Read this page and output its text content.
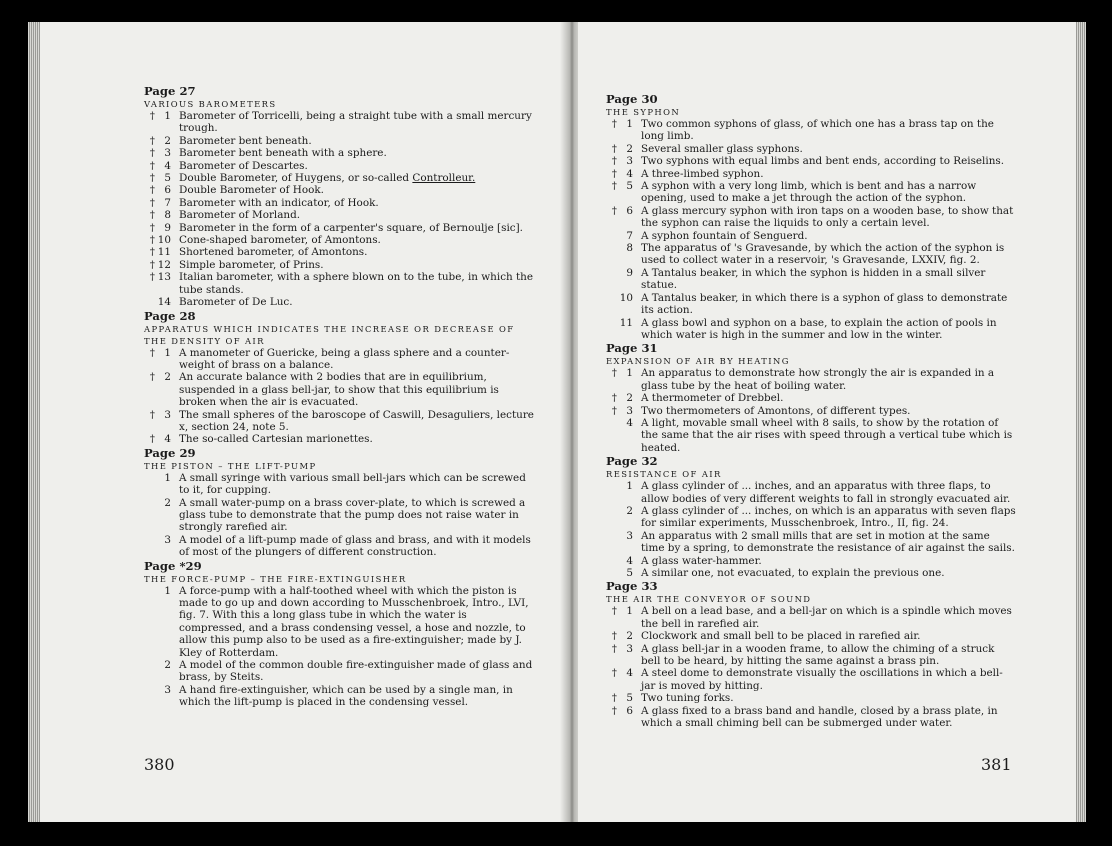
Page 27
VARIOUS BAROMETERS
† 1 Barometer of Torricelli, being a straight tube with a small mercury trough.
† 2 Barometer bent beneath.
† 3 Barometer bent beneath with a sphere.
† 4 Barometer of Descartes.
† 5 Double Barometer, of Huygens, or so-called Controlleur.
† 6 Double Barometer of Hook.
† 7 Barometer with an indicator, of Hook.
† 8 Barometer of Morland.
† 9 Barometer in the form of a carpenter's square, of Bernoulje [sic].
† 10 Cone-shaped barometer, of Amontons.
† 11 Shortened barometer, of Amontons.
† 12 Simple barometer, of Prins.
† 13 Italian barometer, with a sphere blown on to the tube, in which the tube stands.
14 Barometer of De Luc.
Page 28
APPARATUS WHICH INDICATES THE INCREASE OR DECREASE OF THE DENSITY OF AIR
† 1 A manometer of Guericke, being a glass sphere and a counter-weight of brass on a balance.
† 2 An accurate balance with 2 bodies that are in equilibrium, suspended in a glass bell-jar, to show that this equilibrium is broken when the air is evacuated.
† 3 The small spheres of the baroscope of Caswill, Desaguliers, lecture x, section 24, note 5.
† 4 The so-called Cartesian marionettes.
Page 29
THE PISTON – THE LIFT-PUMP
1 A small syringe with various small bell-jars which can be screwed to it, for cupping.
2 A small water-pump on a brass cover-plate, to which is screwed a glass tube to demonstrate that the pump does not raise water in strongly rarefied air.
3 A model of a lift-pump made of glass and brass, and with it models of most of the plungers of different construction.
Page *29
THE FORCE-PUMP – THE FIRE-EXTINGUISHER
1 A force-pump with a half-toothed wheel with which the piston is made to go up and down according to Musschenbroek, Intro., LVI, fig. 7. With this a long glass tube in which the water is compressed, and a brass condensing vessel, a hose and nozzle, to allow this pump also to be used as a fire-extinguisher; made by J. Kley of Rotterdam.
2 A model of the common double fire-extinguisher made of glass and brass, by Steits.
3 A hand fire-extinguisher, which can be used by a single man, in which the lift-pump is placed in the condensing vessel.
380
Page 30
THE SYPHON
† 1 Two common syphons of glass, of which one has a brass tap on the long limb.
† 2 Several smaller glass syphons.
† 3 Two syphons with equal limbs and bent ends, according to Reiselins.
† 4 A three-limbed syphon.
† 5 A syphon with a very long limb, which is bent and has a narrow opening, used to make a jet through the action of the syphon.
† 6 A glass mercury syphon with iron taps on a wooden base, to show that the syphon can raise the liquids to only a certain level.
7 A syphon fountain of Senguerd.
8 The apparatus of 's Gravesande, by which the action of the syphon is used to collect water in a reservoir, 's Gravesande, LXXIV, fig. 2.
9 A Tantalus beaker, in which the syphon is hidden in a small silver statue.
10 A Tantalus beaker, in which there is a syphon of glass to demonstrate its action.
11 A glass bowl and syphon on a base, to explain the action of pools in which water is high in the summer and low in the winter.
Page 31
EXPANSION OF AIR BY HEATING
† 1 An apparatus to demonstrate how strongly the air is expanded in a glass tube by the heat of boiling water.
† 2 A thermometer of Drebbel.
† 3 Two thermometers of Amontons, of different types.
4 A light, movable small wheel with 8 sails, to show by the rotation of the same that the air rises with speed through a vertical tube which is heated.
Page 32
RESISTANCE OF AIR
1 A glass cylinder of ... inches, and an apparatus with three flaps, to allow bodies of very different weights to fall in strongly evacuated air.
2 A glass cylinder of ... inches, on which is an apparatus with seven flaps for similar experiments, Musschenbroek, Intro., II, fig. 24.
3 An apparatus with 2 small mills that are set in motion at the same time by a spring, to demonstrate the resistance of air against the sails.
4 A glass water-hammer.
5 A similar one, not evacuated, to explain the previous one.
Page 33
THE AIR THE CONVEYOR OF SOUND
† 1 A bell on a lead base, and a bell-jar on which is a spindle which moves the bell in rarefied air.
† 2 Clockwork and small bell to be placed in rarefied air.
† 3 A glass bell-jar in a wooden frame, to allow the chiming of a struck bell to be heard, by hitting the same against a brass pin.
† 4 A steel dome to demonstrate visually the oscillations in which a bell-jar is moved by hitting.
† 5 Two tuning forks.
† 6 A glass fixed to a brass band and handle, closed by a brass plate, in which a small chiming bell can be submerged under water.
381
